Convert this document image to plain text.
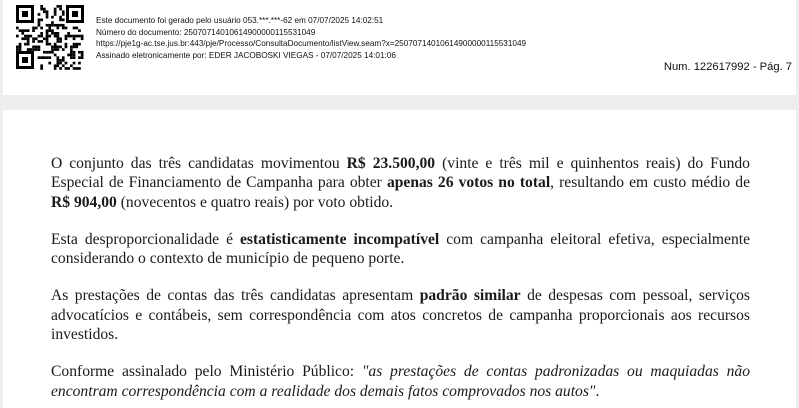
Este documento foi gerado pelo usuário 053.***.***-62 em 07/07/2025 14:02:51
Número do documento: 25070714010614900000115531049
https://pje1g-ac.tse.jus.br:443/pje/Processo/ConsultaDocumento/listView.seam?x=25070714010614900000115531049
Assinado eletronicamente por: EDER JACOBOSKI VIEGAS - 07/07/2025 14:01:06
Num. 122617992 - Pág. 7

O conjunto das três candidatas movimentou R$ 23.500,00 (vinte e três mil e quinhentos reais) do Fundo Especial de Financiamento de Campanha para obter apenas 26 votos no total, resultando em custo médio de R$ 904,00 (novecentos e quatro reais) por voto obtido.

Esta desproporcionalidade é estatisticamente incompatível com campanha eleitoral efetiva, especialmente considerando o contexto de município de pequeno porte.

As prestações de contas das três candidatas apresentam padrão similar de despesas com pessoal, serviços advocatícios e contábeis, sem correspondência com atos concretos de campanha proporcionais aos recursos investidos.

Conforme assinalado pelo Ministério Público: "as prestações de contas padronizadas ou maquiadas não encontram correspondência com a realidade dos demais fatos comprovados nos autos".
